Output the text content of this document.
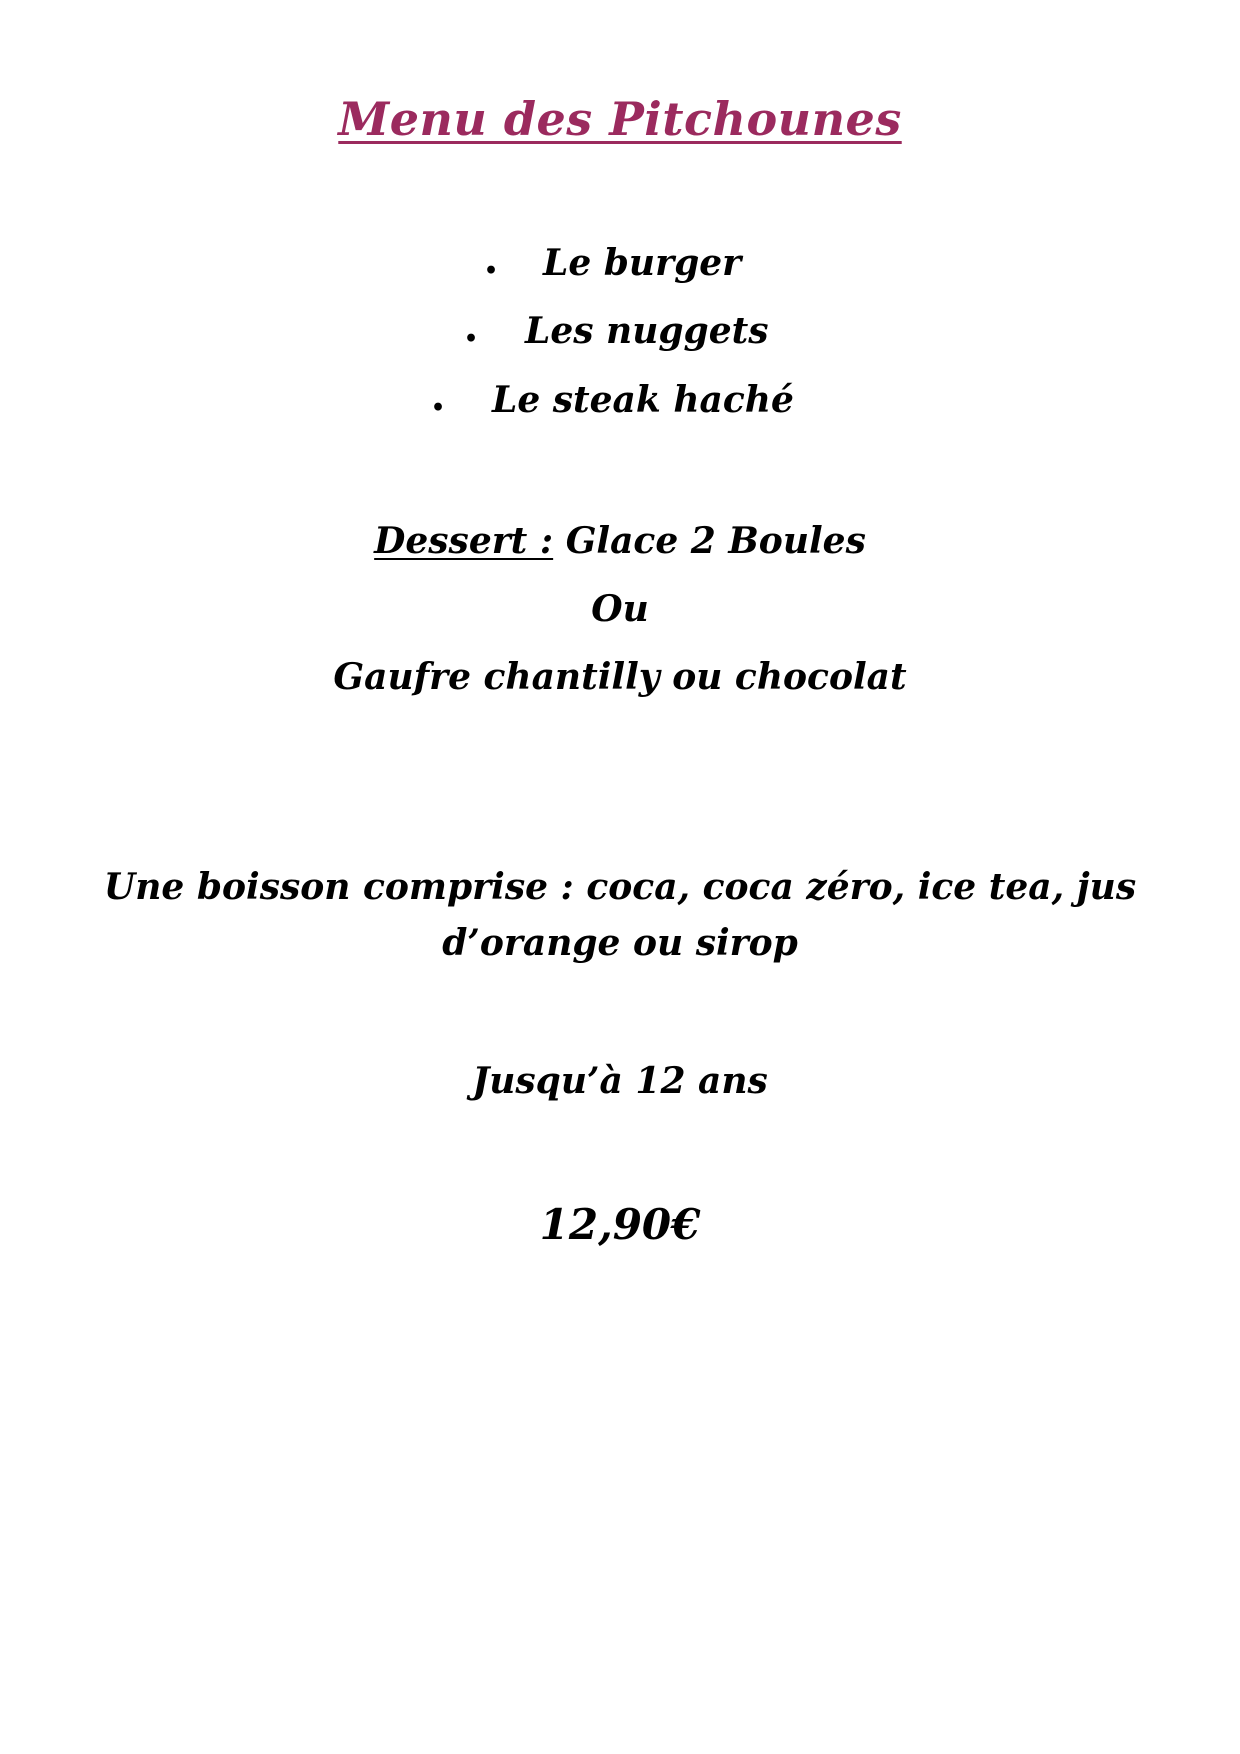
Menu des Pitchounes
• Le burger
• Les nuggets
• Le steak haché
Dessert : Glace 2 Boules
Ou
Gaufre chantilly ou chocolat
Une boisson comprise : coca, coca zéro, ice tea, jus
d’orange ou sirop
Jusqu’à 12 ans
12,90€
